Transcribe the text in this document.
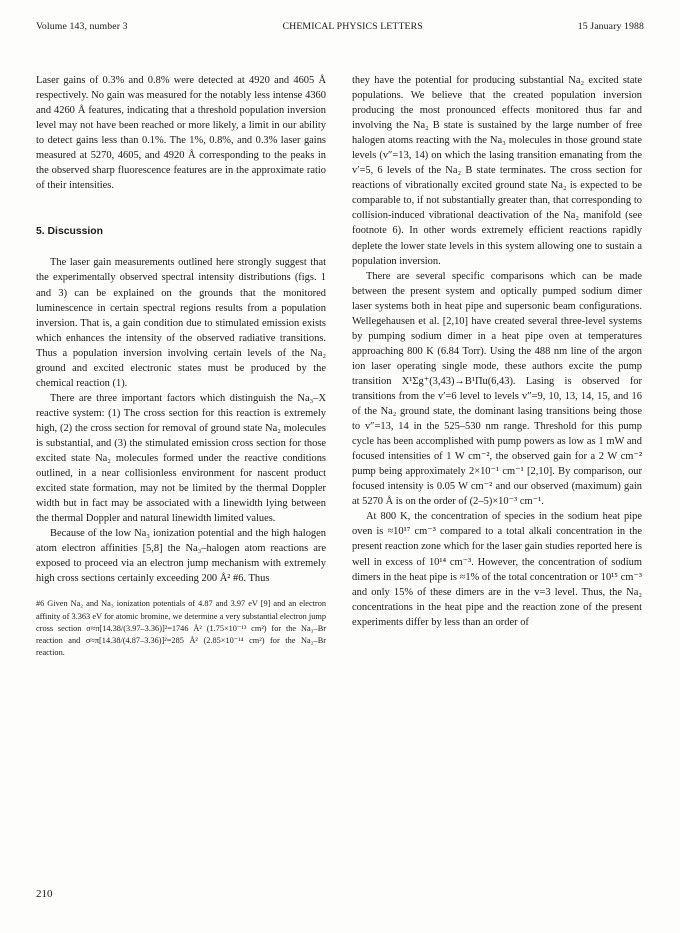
Volume 143, number 3	CHEMICAL PHYSICS LETTERS	15 January 1988

Laser gains of 0.3% and 0.8% were detected at 4920 and 4605 Å respectively. No gain was measured for the notably less intense 4360 and 4260 Å features, indicating that a threshold population inversion level may not have been reached or more likely, a limit in our ability to detect gains less than 0.1%. The 1%, 0.8%, and 0.3% laser gains measured at 5270, 4605, and 4920 Å corresponding to the peaks in the observed sharp fluorescence features are in the approximate ratio of their intensities.

5. Discussion

The laser gain measurements outlined here strongly suggest that the experimentally observed spectral intensity distributions (figs. 1 and 3) can be explained on the grounds that the monitored luminescence in certain spectral regions results from a population inversion. That is, a gain condition due to stimulated emission exists which enhances the intensity of the observed radiative transitions. Thus a population inversion involving certain levels of the Na₂ ground and excited electronic states must be produced by the chemical reaction (1).

There are three important factors which distinguish the Na₃–X reactive system: (1) The cross section for this reaction is extremely high, (2) the cross section for removal of ground state Na₂ molecules is substantial, and (3) the stimulated emission cross section for those excited state Na₂ molecules formed under the reactive conditions outlined, in a near collisionless environment for nascent product excited state formation, may not be limited by the thermal Doppler width but in fact may be associated with a linewidth lying between the thermal Doppler and natural linewidth limited values.

Because of the low Na₃ ionization potential and the high halogen atom electron affinities [5,8] the Na₃–halogen atom reactions are exposed to proceed via an electron jump mechanism with extremely high cross sections certainly exceeding 200 Å² #6. Thus

#6 Given Na₂ and Na₃ ionization potentials of 4.87 and 3.97 eV [9] and an electron affinity of 3.363 eV for atomic bromine, we determine a very substantial electron jump cross section σ≈π[14.38/(3.97–3.36)]²=1746 Å² (1.75×10⁻¹³ cm²) for the Na₃–Br reaction and σ≈π[14.38/(4.87–3.36)]²=285 Å² (2.85×10⁻¹⁴ cm²) for the Na₂–Br reaction.

they have the potential for producing substantial Na₂ excited state populations. We believe that the created population inversion producing the most pronounced effects monitored thus far and involving the Na₂ B state is sustained by the large number of free halogen atoms reacting with the Na₃ molecules in those ground state levels (v″=13, 14) on which the lasing transition emanating from the v′=5, 6 levels of the Na₂ B state terminates. The cross section for reactions of vibrationally excited ground state Na₂ is expected to be comparable to, if not substantially greater than, that corresponding to collision-induced vibrational deactivation of the Na₂ manifold (see footnote 6). In other words extremely efficient reactions rapidly deplete the lower state levels in this system allowing one to sustain a population inversion.

There are several specific comparisons which can be made between the present system and optically pumped sodium dimer laser systems both in heat pipe and supersonic beam configurations. Wellegehausen et al. [2,10] have created several three-level systems by pumping sodium dimer in a heat pipe oven at temperatures approaching 800 K (6.84 Torr). Using the 488 nm line of the argon ion laser operating single mode, these authors excite the pump transition X¹Σg⁺(3,43)→B¹Πu(6,43). Lasing is observed for transitions from the v′=6 level to levels v″=9, 10, 13, 14, 15, and 16 of the Na₂ ground state, the dominant lasing transitions being those to v″=13, 14 in the 525–530 nm range. Threshold for this pump cycle has been accomplished with pump powers as low as 1 mW and focused intensities of 1 W cm⁻², the observed gain for a 2 W cm⁻² pump being approximately 2×10⁻¹ cm⁻¹ [2,10]. By comparison, our focused intensity is 0.05 W cm⁻² and our observed (maximum) gain at 5270 Å is on the order of (2–5)×10⁻³ cm⁻¹.

At 800 K, the concentration of species in the sodium heat pipe oven is ≈10¹⁷ cm⁻³ compared to a total alkali concentration in the present reaction zone which for the laser gain studies reported here is well in excess of 10¹⁴ cm⁻³. However, the concentration of sodium dimers in the heat pipe is ≈1% of the total concentration or 10¹⁵ cm⁻³ and only 15% of these dimers are in the v=3 level. Thus, the Na₂ concentrations in the heat pipe and the reaction zone of the present experiments differ by less than an order of

210
